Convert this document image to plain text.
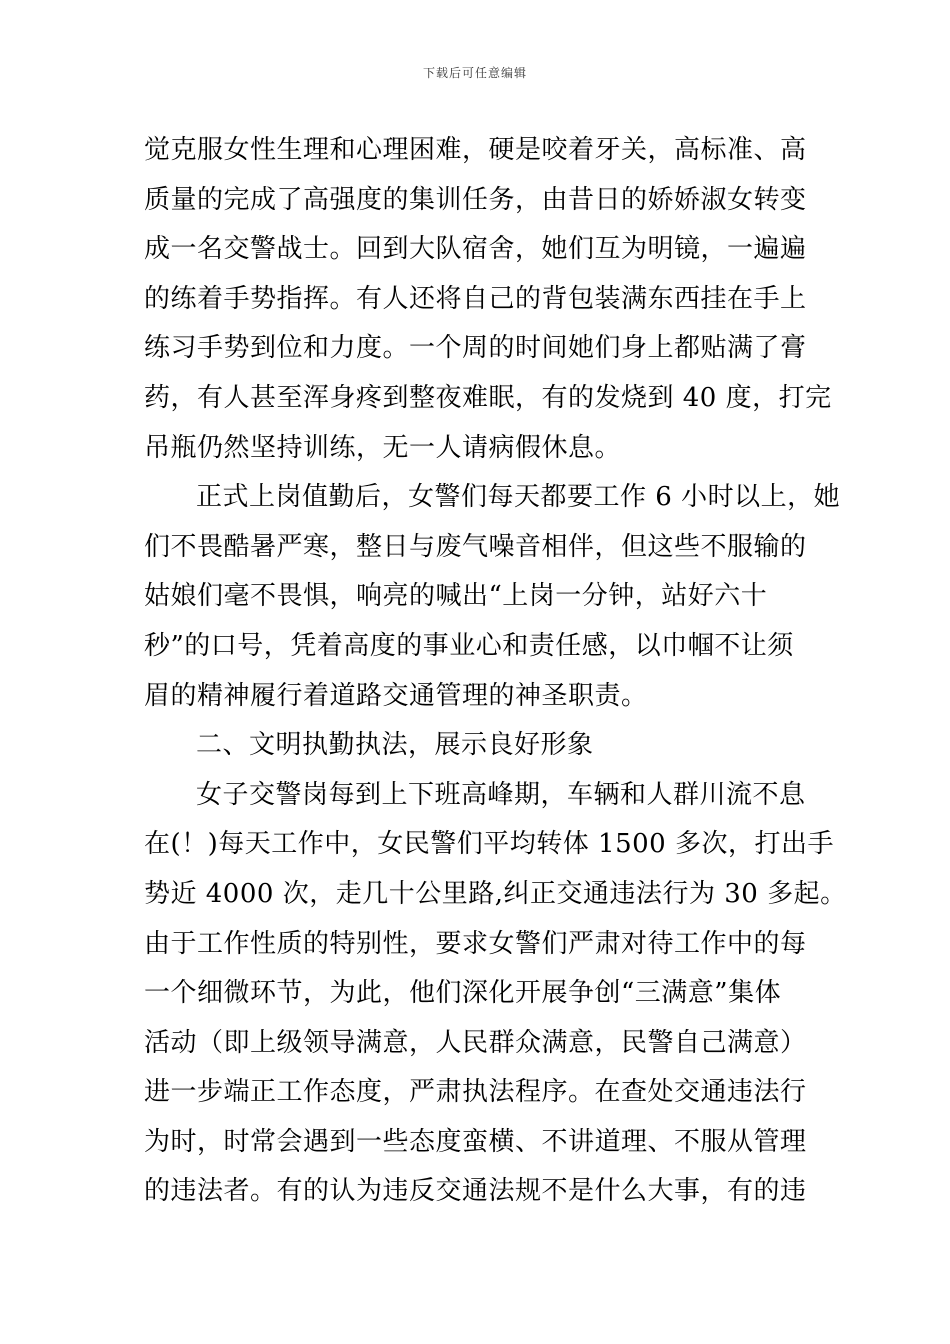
下载后可任意编辑
觉克服女性生理和心理困难，硬是咬着牙关，高标准、高
质量的完成了高强度的集训任务，由昔日的娇娇淑女转变
成一名交警战士。回到大队宿舍，她们互为明镜，一遍遍
的练着手势指挥。有人还将自己的背包装满东西挂在手上
练习手势到位和力度。一个周的时间她们身上都贴满了膏
药，有人甚至浑身疼到整夜难眠，有的发烧到 40 度，打完
吊瓶仍然坚持训练，无一人请病假休息。
正式上岗值勤后，女警们每天都要工作 6 小时以上，她
们不畏酷暑严寒，整日与废气噪音相伴，但这些不服输的
姑娘们毫不畏惧，响亮的喊出“上岗一分钟，站好六十
秒”的口号，凭着高度的事业心和责任感，以巾帼不让须
眉的精神履行着道路交通管理的神圣职责。
二、文明执勤执法，展示良好形象
女子交警岗每到上下班高峰期，车辆和人群川流不息
在(！)每天工作中，女民警们平均转体 1500 多次，打出手
势近 4000 次，走几十公里路,纠正交通违法行为 30 多起。
由于工作性质的特别性，要求女警们严肃对待工作中的每
一个细微环节，为此，他们深化开展争创“三满意”集体
活动（即上级领导满意，人民群众满意，民警自己满意）
进一步端正工作态度，严肃执法程序。在查处交通违法行
为时，时常会遇到一些态度蛮横、不讲道理、不服从管理
的违法者。有的认为违反交通法规不是什么大事，有的违
